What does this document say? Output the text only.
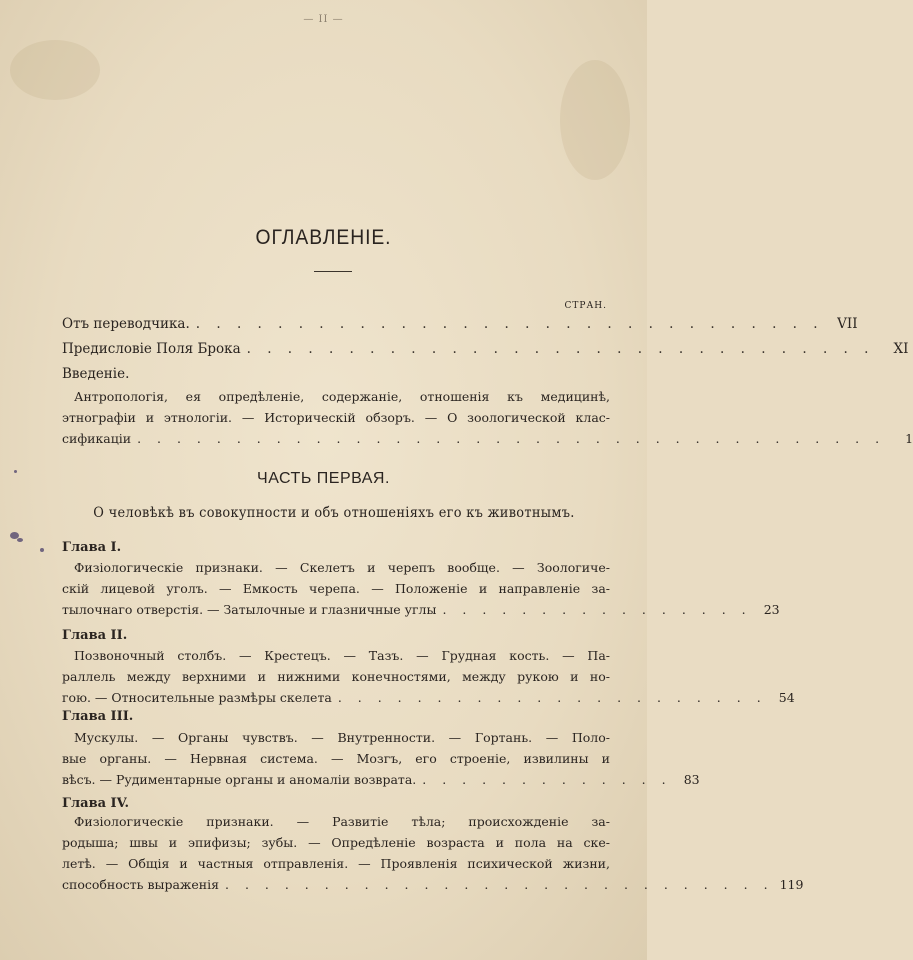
ОГЛАВЛЕНІЕ.
СТРАН.
Отъ переводчика. . . . . . . . . . . . . . . . . . . . . . . . . . . . . . . .	VII
Предисловіе Поля Брока . . . . . . . . . . . . . . . . . . . . . . . . . . . . . . .	XI
Введеніе.
Антропологія, ея опредѣленіе, содержаніе, отношенія къ медицинѣ,
этнографіи и этнологіи. — Историческій обзоръ. — О зоологической клас-
сификаціи . . . . . . . . . . . . . . . . . . . . . . . . . . . . . . . . . . . . . .	1
ЧАСТЬ ПЕРВАЯ.
О человѣкѣ въ совокупности и объ отношеніяхъ его къ животнымъ.
Глава I.
Физіологическіе признаки. — Скелетъ и черепъ вообще. — Зоологиче-
скій лицевой уголъ. — Емкость черепа. — Положеніе и направленіе за-
тылочнаго отверстія. — Затылочные и глазничные углы . . . . . . . . . . . . . . . . 23
Глава II.
Позвоночный столбъ. — Крестецъ. — Тазъ. — Грудная кость. — Па-
раллель между верхними и нижними конечностями, между рукою и но-
гою. — Относительные размѣры скелета . . . . . . . . . . . . . . . . . . . . . . 54
Глава III.
Мускулы. — Органы чувствъ. — Внутренности. — Гортань. — Поло-
вые органы. — Нервная система. — Мозгъ, его строеніе, извилины и
вѣсъ. — Рудиментарные органы и аномаліи возврата. . . . . . . . . . . . . . 83
Глава IV.
Физіологическіе признаки. — Развитіе тѣла; происхожденіе за-
родыша; швы и эпифизы; зубы. — Опредѣленіе возраста и пола на ске-
летѣ. — Общія и частныя отправленія. — Проявленія психической жизни,
способность выраженія . . . . . . . . . . . . . . . . . . . . . . . . . . . . 119
— II —
